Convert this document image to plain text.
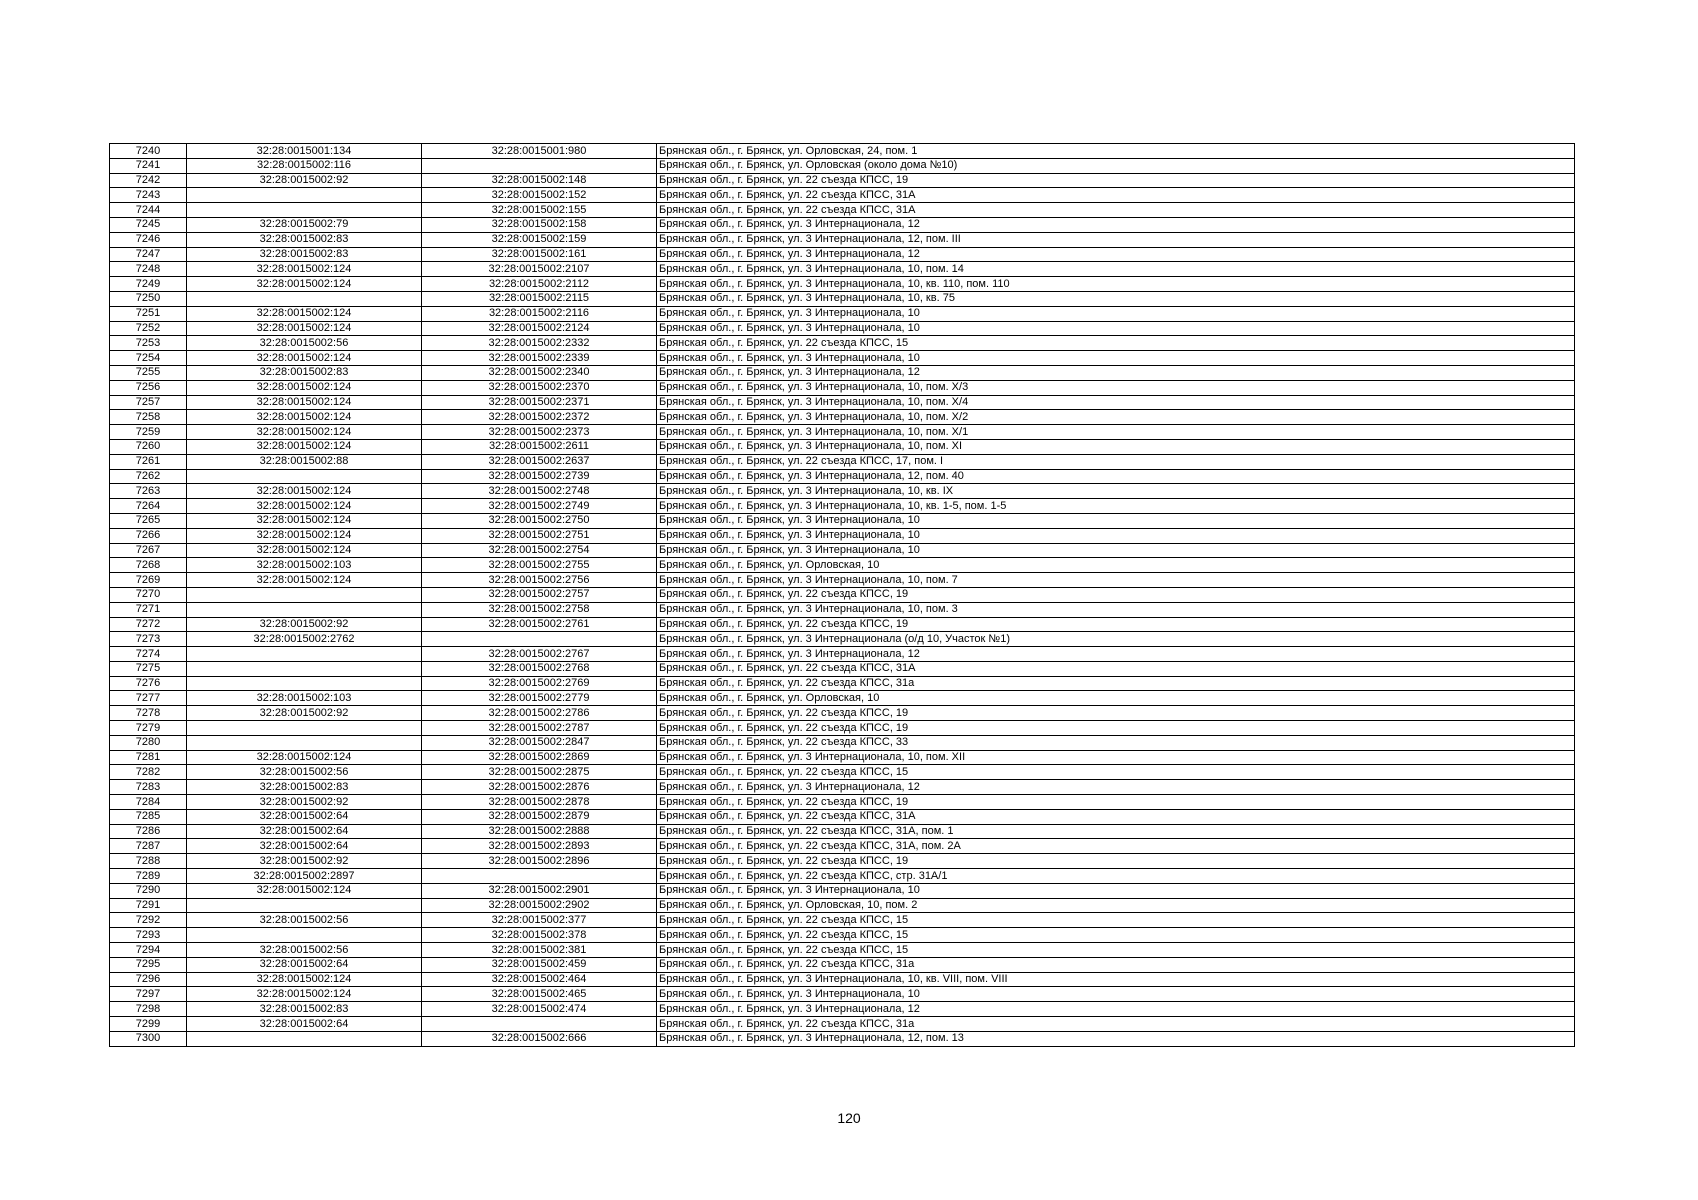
7240	32:28:0015001:134	32:28:0015001:980	Брянская обл., г. Брянск, ул. Орловская, 24, пом. 1
7241	32:28:0015002:116		Брянская обл., г. Брянск, ул. Орловская (около дома №10)
7242	32:28:0015002:92	32:28:0015002:148	Брянская обл., г. Брянск, ул. 22 съезда КПСС, 19
7243		32:28:0015002:152	Брянская обл., г. Брянск, ул. 22 съезда КПСС, 31А
7244		32:28:0015002:155	Брянская обл., г. Брянск, ул. 22 съезда КПСС, 31А
7245	32:28:0015002:79	32:28:0015002:158	Брянская обл., г. Брянск, ул. 3 Интернационала, 12
7246	32:28:0015002:83	32:28:0015002:159	Брянская обл., г. Брянск, ул. 3 Интернационала, 12, пом. III
7247	32:28:0015002:83	32:28:0015002:161	Брянская обл., г. Брянск, ул. 3 Интернационала, 12
7248	32:28:0015002:124	32:28:0015002:2107	Брянская обл., г. Брянск, ул. 3 Интернационала, 10, пом. 14
7249	32:28:0015002:124	32:28:0015002:2112	Брянская обл., г. Брянск, ул. 3 Интернационала, 10, кв. 110, пом. 110
7250		32:28:0015002:2115	Брянская обл., г. Брянск, ул. 3 Интернационала, 10, кв. 75
7251	32:28:0015002:124	32:28:0015002:2116	Брянская обл., г. Брянск, ул. 3 Интернационала, 10
7252	32:28:0015002:124	32:28:0015002:2124	Брянская обл., г. Брянск, ул. 3 Интернационала, 10
7253	32:28:0015002:56	32:28:0015002:2332	Брянская обл., г. Брянск, ул. 22 съезда КПСС, 15
7254	32:28:0015002:124	32:28:0015002:2339	Брянская обл., г. Брянск, ул. 3 Интернационала, 10
7255	32:28:0015002:83	32:28:0015002:2340	Брянская обл., г. Брянск, ул. 3 Интернационала, 12
7256	32:28:0015002:124	32:28:0015002:2370	Брянская обл., г. Брянск, ул. 3 Интернационала, 10, пом. Х/3
7257	32:28:0015002:124	32:28:0015002:2371	Брянская обл., г. Брянск, ул. 3 Интернационала, 10, пом. Х/4
7258	32:28:0015002:124	32:28:0015002:2372	Брянская обл., г. Брянск, ул. 3 Интернационала, 10, пом. Х/2
7259	32:28:0015002:124	32:28:0015002:2373	Брянская обл., г. Брянск, ул. 3 Интернационала, 10, пом. Х/1
7260	32:28:0015002:124	32:28:0015002:2611	Брянская обл., г. Брянск, ул. 3 Интернационала, 10, пом. XI
7261	32:28:0015002:88	32:28:0015002:2637	Брянская обл., г. Брянск, ул. 22 съезда КПСС, 17, пом. I
7262		32:28:0015002:2739	Брянская обл., г. Брянск, ул. 3 Интернационала, 12, пом. 40
7263	32:28:0015002:124	32:28:0015002:2748	Брянская обл., г. Брянск, ул. 3 Интернационала, 10, кв. IX
7264	32:28:0015002:124	32:28:0015002:2749	Брянская обл., г. Брянск, ул. 3 Интернационала, 10, кв. 1-5, пом. 1-5
7265	32:28:0015002:124	32:28:0015002:2750	Брянская обл., г. Брянск, ул. 3 Интернационала, 10
7266	32:28:0015002:124	32:28:0015002:2751	Брянская обл., г. Брянск, ул. 3 Интернационала, 10
7267	32:28:0015002:124	32:28:0015002:2754	Брянская обл., г. Брянск, ул. 3 Интернационала, 10
7268	32:28:0015002:103	32:28:0015002:2755	Брянская обл., г. Брянск, ул. Орловская, 10
7269	32:28:0015002:124	32:28:0015002:2756	Брянская обл., г. Брянск, ул. 3 Интернационала, 10, пом. 7
7270		32:28:0015002:2757	Брянская обл., г. Брянск, ул. 22 съезда КПСС, 19
7271		32:28:0015002:2758	Брянская обл., г. Брянск, ул. 3 Интернационала, 10, пом. 3
7272	32:28:0015002:92	32:28:0015002:2761	Брянская обл., г. Брянск, ул. 22 съезда КПСС, 19
7273	32:28:0015002:2762		Брянская обл., г. Брянск, ул. 3 Интернационала (о/д 10, Участок №1)
7274		32:28:0015002:2767	Брянская обл., г. Брянск, ул. 3 Интернационала, 12
7275		32:28:0015002:2768	Брянская обл., г. Брянск, ул. 22 съезда КПСС, 31А
7276		32:28:0015002:2769	Брянская обл., г. Брянск, ул. 22 съезда КПСС, 31а
7277	32:28:0015002:103	32:28:0015002:2779	Брянская обл., г. Брянск, ул. Орловская, 10
7278	32:28:0015002:92	32:28:0015002:2786	Брянская обл., г. Брянск, ул. 22 съезда КПСС, 19
7279		32:28:0015002:2787	Брянская обл., г. Брянск, ул. 22 съезда КПСС, 19
7280		32:28:0015002:2847	Брянская обл., г. Брянск, ул. 22 съезда КПСС, 33
7281	32:28:0015002:124	32:28:0015002:2869	Брянская обл., г. Брянск, ул. 3 Интернационала, 10, пом. XII
7282	32:28:0015002:56	32:28:0015002:2875	Брянская обл., г. Брянск, ул. 22 съезда КПСС, 15
7283	32:28:0015002:83	32:28:0015002:2876	Брянская обл., г. Брянск, ул. 3 Интернационала, 12
7284	32:28:0015002:92	32:28:0015002:2878	Брянская обл., г. Брянск, ул. 22 съезда КПСС, 19
7285	32:28:0015002:64	32:28:0015002:2879	Брянская обл., г. Брянск, ул. 22 съезда КПСС, 31А
7286	32:28:0015002:64	32:28:0015002:2888	Брянская обл., г. Брянск, ул. 22 съезда КПСС, 31А, пом. 1
7287	32:28:0015002:64	32:28:0015002:2893	Брянская обл., г. Брянск, ул. 22 съезда КПСС, 31А, пом. 2А
7288	32:28:0015002:92	32:28:0015002:2896	Брянская обл., г. Брянск, ул. 22 съезда КПСС, 19
7289	32:28:0015002:2897		Брянская обл., г. Брянск, ул. 22 съезда КПСС, стр. 31А/1
7290	32:28:0015002:124	32:28:0015002:2901	Брянская обл., г. Брянск, ул. 3 Интернационала, 10
7291		32:28:0015002:2902	Брянская обл., г. Брянск, ул. Орловская, 10, пом. 2
7292	32:28:0015002:56	32:28:0015002:377	Брянская обл., г. Брянск, ул. 22 съезда КПСС, 15
7293		32:28:0015002:378	Брянская обл., г. Брянск, ул. 22 съезда КПСС, 15
7294	32:28:0015002:56	32:28:0015002:381	Брянская обл., г. Брянск, ул. 22 съезда КПСС, 15
7295	32:28:0015002:64	32:28:0015002:459	Брянская обл., г. Брянск, ул. 22 съезда КПСС, 31а
7296	32:28:0015002:124	32:28:0015002:464	Брянская обл., г. Брянск, ул. 3 Интернационала, 10, кв. VIII, пом. VIII
7297	32:28:0015002:124	32:28:0015002:465	Брянская обл., г. Брянск, ул. 3 Интернационала, 10
7298	32:28:0015002:83	32:28:0015002:474	Брянская обл., г. Брянск, ул. 3 Интернационала, 12
7299	32:28:0015002:64		Брянская обл., г. Брянск, ул. 22 съезда КПСС, 31а
7300		32:28:0015002:666	Брянская обл., г. Брянск, ул. 3 Интернационала, 12, пом. 13
120
